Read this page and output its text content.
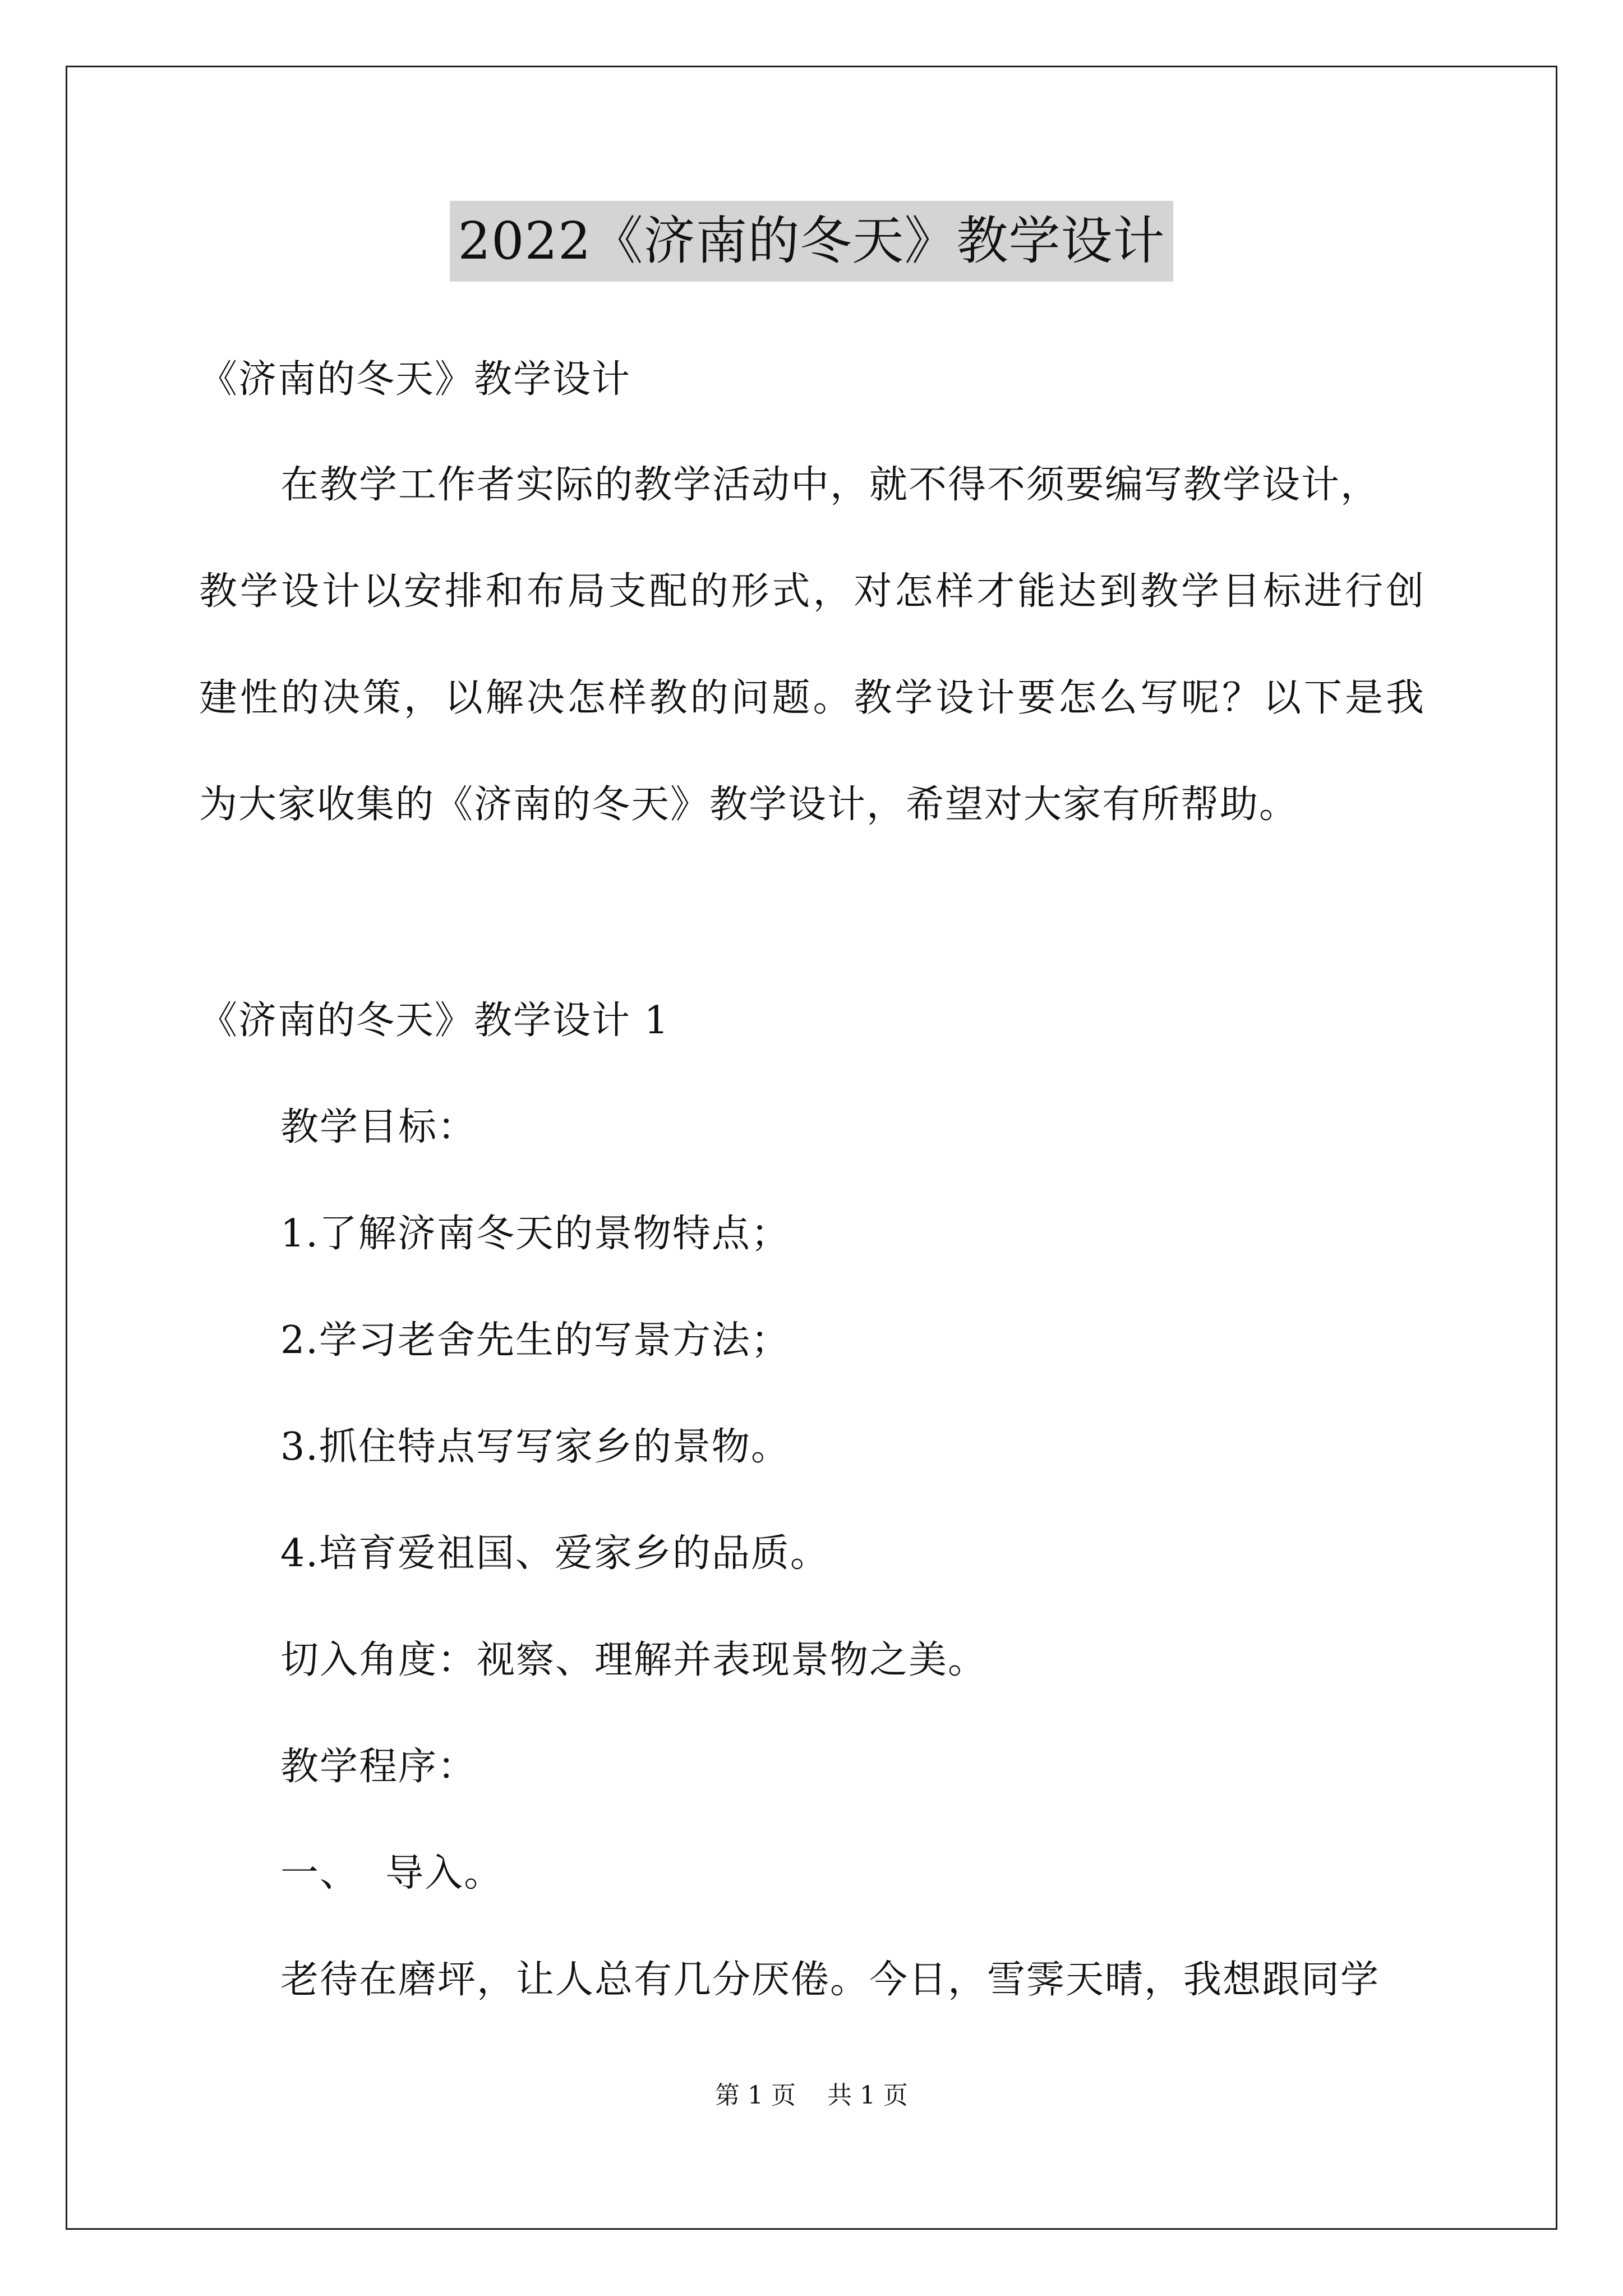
2022《济南的冬天》教学设计
《济南的冬天》教学设计
在教学工作者实际的教学活动中，就不得不须要编写教学设计，
教学设计以安排和布局支配的形式，对怎样才能达到教学目标进行创
建性的决策，以解决怎样教的问题。教学设计要怎么写呢？以下是我
为大家收集的《济南的冬天》教学设计，希望对大家有所帮助。
《济南的冬天》教学设计 1
教学目标：
1.了解济南冬天的景物特点；
2.学习老舍先生的写景方法；
3.抓住特点写写家乡的景物。
4.培育爱祖国、爱家乡的品质。
切入角度：视察、理解并表现景物之美。
教学程序：
一、  导入。
老待在磨坪，让人总有几分厌倦。今日，雪霁天晴，我想跟同学
第 1 页    共 1 页
